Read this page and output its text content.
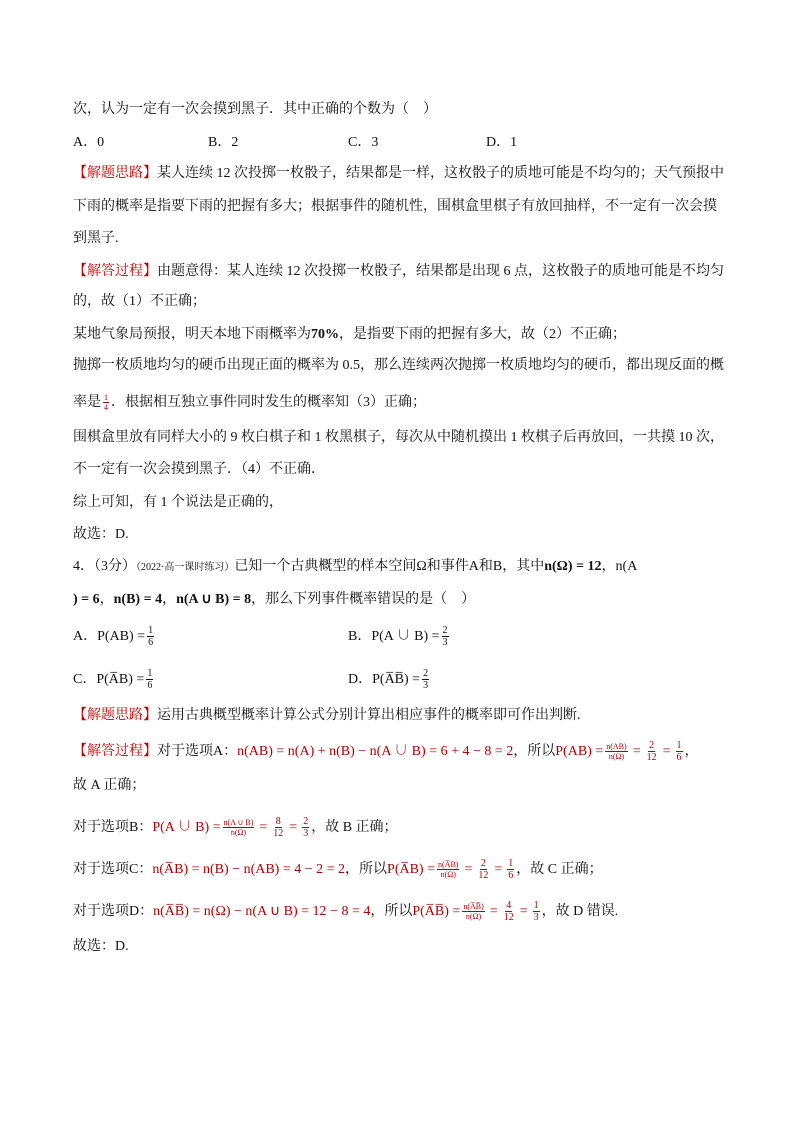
次，认为一定有一次会摸到黑子．其中正确的个数为（　）
A．0	B．2	C．3	D．1
【解题思路】某人连续 12 次投掷一枚骰子，结果都是一样，这枚骰子的质地可能是不均匀的；天气预报中
下雨的概率是指要下雨的把握有多大；根据事件的随机性，围棋盒里棋子有放回抽样，不一定有一次会摸
到黑子.
【解答过程】由题意得：某人连续 12 次投掷一枚骰子，结果都是出现 6 点，这枚骰子的质地可能是不均匀
的，故（1）不正确；
某地气象局预报，明天本地下雨概率为70%，是指要下雨的把握有多大，故（2）不正确；
抛掷一枚质地均匀的硬币出现正面的概率为 0.5，那么连续两次抛掷一枚质地均匀的硬币，都出现反面的概
率是 $\frac{1}{4}$ ．根据相互独立事件同时发生的概率知（3）正确；
围棋盒里放有同样大小的 9 枚白棋子和 1 枚黑棋子，每次从中随机摸出 1 枚棋子后再放回，一共摸 10 次，
不一定有一次会摸到黑子．（4）不正确．
综上可知，有 1 个说法是正确的，
故选：D.
4．（3分）（2022·高一课时练习）已知一个古典概型的样本空间Ω和事件A和B，其中n(Ω) = 12，n(A
) = 6，n(B) = 4，n(A ∪ B) = 8，那么下列事件概率错误的是（　）
A．$P(AB) = \frac{1}{6}$	B．P(A ∪ $B) = \frac{2}{3}$
C．P(A̅B) = $\frac{1}{6}$	D．P(A̅B̅) = $\frac{2}{3}$
【解题思路】运用古典概型概率计算公式分别计算出相应事件的概率即可作出判断.
【解答过程】对于选项A：n(AB) = n(A) + n(B) − n(A ∪ B) = 6 + 4 − 8 = 2，所以$P(AB) = \frac{n(AB)}{n(\Omega)} = \frac{2}{12} = \frac{1}{6}$ ，
故 A 正确；
对于选项B：P(A ∪ $B) = \frac{n(A \cup B)}{n(\Omega)} = \frac{8}{12} = \frac{2}{3}$ ，故 B 正确；
对于选项C：n(A̅B) = n(B) − n(AB) = 4 − 2 = 2，所以P(A̅B) = $\frac{n(A̅B)}{n(\Omega)} = \frac{2}{12} = \frac{1}{6}$ ，故 C 正确；
对于选项D：n(A̅B̅) = n(Ω) − n(A ∪ B) = 12 − 8 = 4，所以P(A̅B̅) = $\frac{n(A̅B̅)}{n(\Omega)} = \frac{4}{12} = \frac{1}{3}$ ，故 D 错误.
故选：D.
